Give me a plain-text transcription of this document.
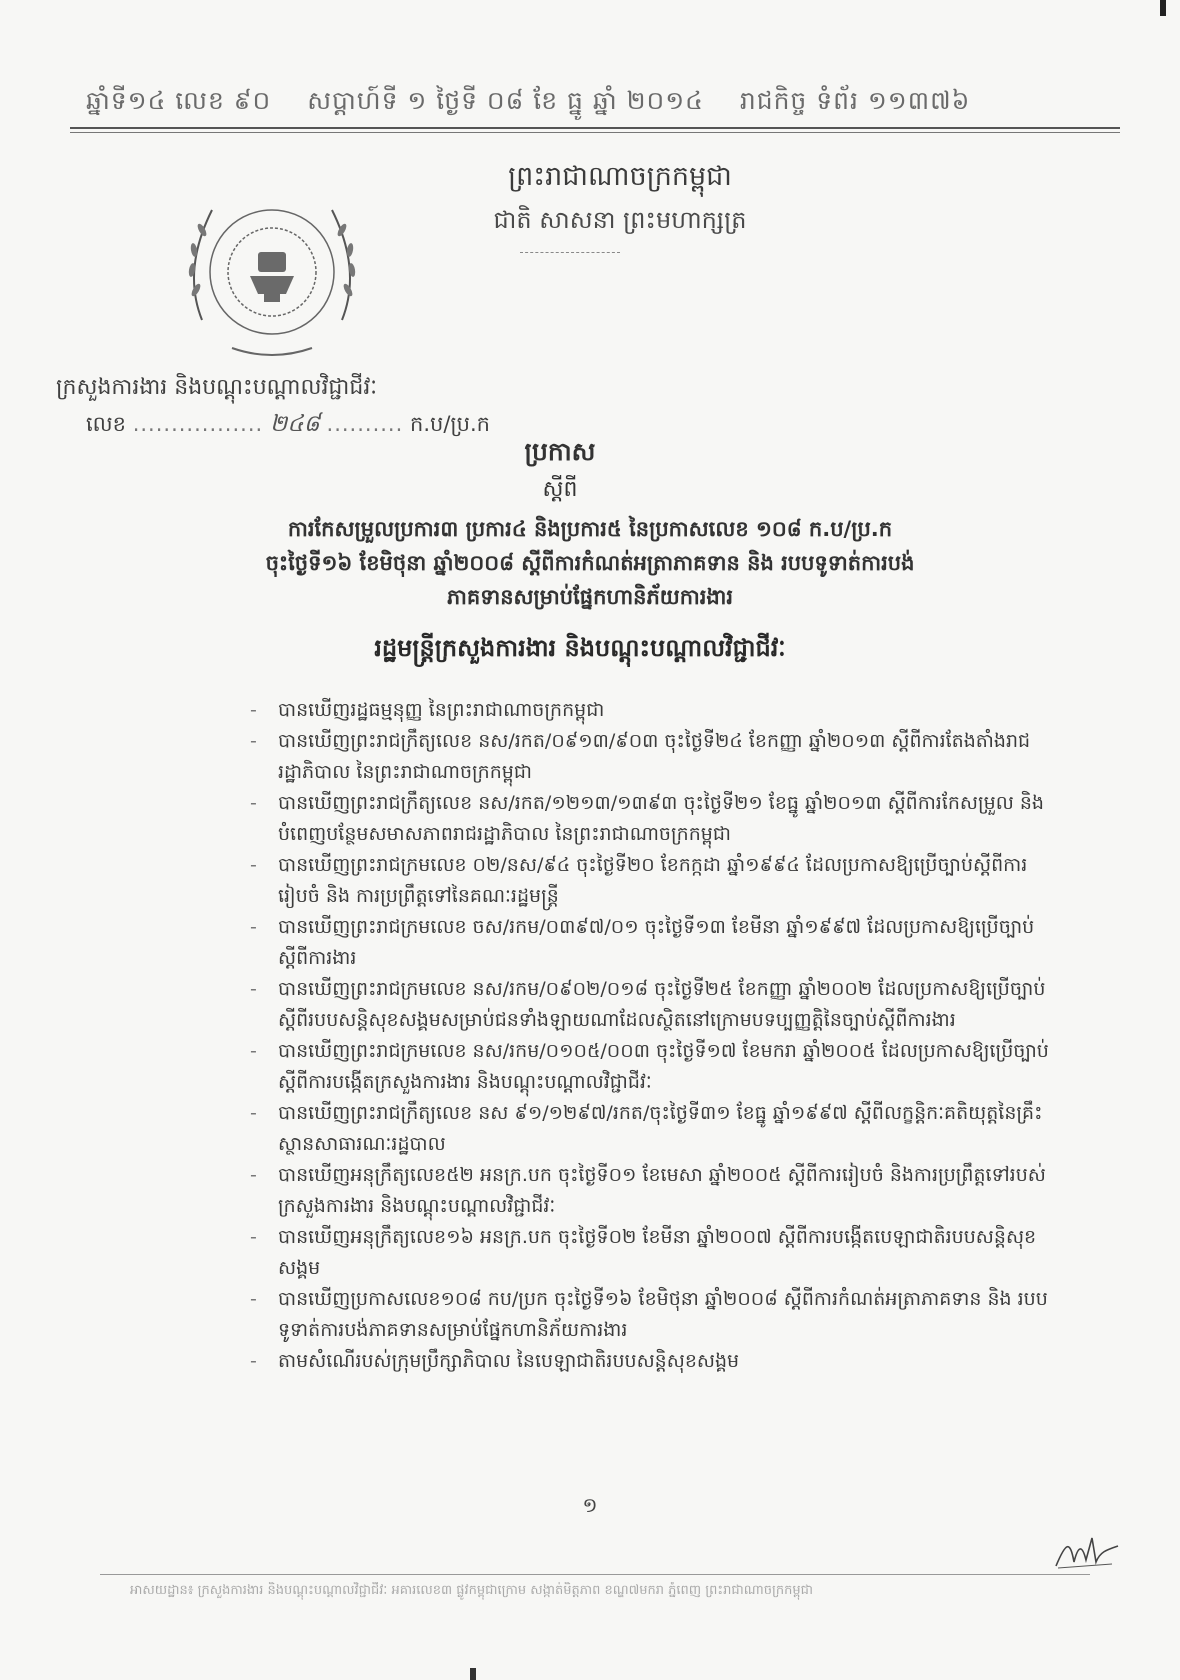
ឆ្នាំទី១៤ លេខ ៩០ សប្តាហ៍ទី ១ ថ្ងៃទី ០៨ ខែ ធ្នូ ឆ្នាំ ២០១៤ រាជកិច្ច ទំព័រ ១១៣៧៦
ព្រះរាជាណាចក្រកម្ពុជា
ជាតិ សាសនា ព្រះមហាក្សត្រ
ក្រសួងការងារ និងបណ្តុះបណ្តាលវិជ្ជាជីវៈ
លេខ ................. ២៤៨ .......... ក.ប/ប្រ.ក
ប្រកាស
ស្តីពី
ការកែសម្រួលប្រការ៣ ប្រការ៤ និងប្រការ៥ នៃប្រកាសលេខ ១០៨ ក.ប/ប្រ.ក
ចុះថ្ងៃទី១៦ ខែមិថុនា ឆ្នាំ២០០៨ ស្តីពីការកំណត់អត្រាភាគទាន និង របបទូទាត់ការបង់
ភាគទានសម្រាប់ផ្នែកហានិភ័យការងារ
រដ្ឋមន្ត្រីក្រសួងការងារ និងបណ្តុះបណ្តាលវិជ្ជាជីវៈ
- បានឃើញរដ្ឋធម្មនុញ្ញ នៃព្រះរាជាណាចក្រកម្ពុជា
- បានឃើញព្រះរាជក្រឹត្យលេខ នស/រកត/០៩១៣/៩០៣ ចុះថ្ងៃទី២៤ ខែកញ្ញា ឆ្នាំ២០១៣ ស្តីពីការតែងតាំងរាជរដ្ឋាភិបាល នៃព្រះរាជាណាចក្រកម្ពុជា
- បានឃើញព្រះរាជក្រឹត្យលេខ នស/រកត/១២១៣/១៣៩៣ ចុះថ្ងៃទី២១ ខែធ្នូ ឆ្នាំ២០១៣ ស្តីពីការកែសម្រួល និងបំពេញបន្ថែមសមាសភាពរាជរដ្ឋាភិបាល នៃព្រះរាជាណាចក្រកម្ពុជា
- បានឃើញព្រះរាជក្រមលេខ ០២/នស/៩៤ ចុះថ្ងៃទី២០ ខែកក្កដា ឆ្នាំ១៩៩៤ ដែលប្រកាសឱ្យប្រើច្បាប់ស្តីពីការរៀបចំ និង ការប្រព្រឹត្តទៅនៃគណៈរដ្ឋមន្ត្រី
- បានឃើញព្រះរាជក្រមលេខ ចស/រកម/០៣៩៧/០១ ចុះថ្ងៃទី១៣ ខែមីនា ឆ្នាំ១៩៩៧ ដែលប្រកាសឱ្យប្រើច្បាប់ស្តីពីការងារ
- បានឃើញព្រះរាជក្រមលេខ នស/រកម/០៩០២/០១៨ ចុះថ្ងៃទី២៥ ខែកញ្ញា ឆ្នាំ២០០២ ដែលប្រកាសឱ្យប្រើច្បាប់ស្តីពីរបបសន្តិសុខសង្គមសម្រាប់ជនទាំងឡាយណាដែលស្ថិតនៅក្រោមបទប្បញ្ញត្តិនៃច្បាប់ស្តីពីការងារ
- បានឃើញព្រះរាជក្រមលេខ នស/រកម/០១០៥/០០៣ ចុះថ្ងៃទី១៧ ខែមករា ឆ្នាំ២០០៥ ដែលប្រកាសឱ្យប្រើច្បាប់ស្តីពីការបង្កើតក្រសួងការងារ និងបណ្តុះបណ្តាលវិជ្ជាជីវៈ
- បានឃើញព្រះរាជក្រឹត្យលេខ នស ៩១/១២៩៧/រកត/ចុះថ្ងៃទី៣១ ខែធ្នូ ឆ្នាំ១៩៩៧ ស្តីពីលក្ខន្តិកៈគតិយុត្តនៃគ្រឹះស្ថានសាធារណៈរដ្ឋបាល
- បានឃើញអនុក្រឹត្យលេខ៥២ អនក្រ.បក ចុះថ្ងៃទី០១ ខែមេសា ឆ្នាំ២០០៥ ស្តីពីការរៀបចំ និងការប្រព្រឹត្តទៅរបស់ក្រសួងការងារ និងបណ្តុះបណ្តាលវិជ្ជាជីវៈ
- បានឃើញអនុក្រឹត្យលេខ១៦ អនក្រ.បក ចុះថ្ងៃទី០២ ខែមីនា ឆ្នាំ២០០៧ ស្តីពីការបង្កើតបេឡាជាតិរបបសន្តិសុខសង្គម
- បានឃើញប្រកាសលេខ១០៨ កប/ប្រក ចុះថ្ងៃទី១៦ ខែមិថុនា ឆ្នាំ២០០៨ ស្តីពីការកំណត់អត្រាភាគទាន និង របបទូទាត់ការបង់ភាគទានសម្រាប់ផ្នែកហានិភ័យការងារ
- តាមសំណើរបស់ក្រុមប្រឹក្សាភិបាល នៃបេឡាជាតិរបបសន្តិសុខសង្គម
១
អាសយដ្ឋាន៖ ក្រសួងការងារ និងបណ្តុះបណ្តាលវិជ្ជាជីវៈ អគារលេខ៣ ផ្លូវកម្ពុជាក្រោម សង្កាត់មិត្តភាព ខណ្ឌ៧មករា ភ្នំពេញ ព្រះរាជាណាចក្រកម្ពុជា
